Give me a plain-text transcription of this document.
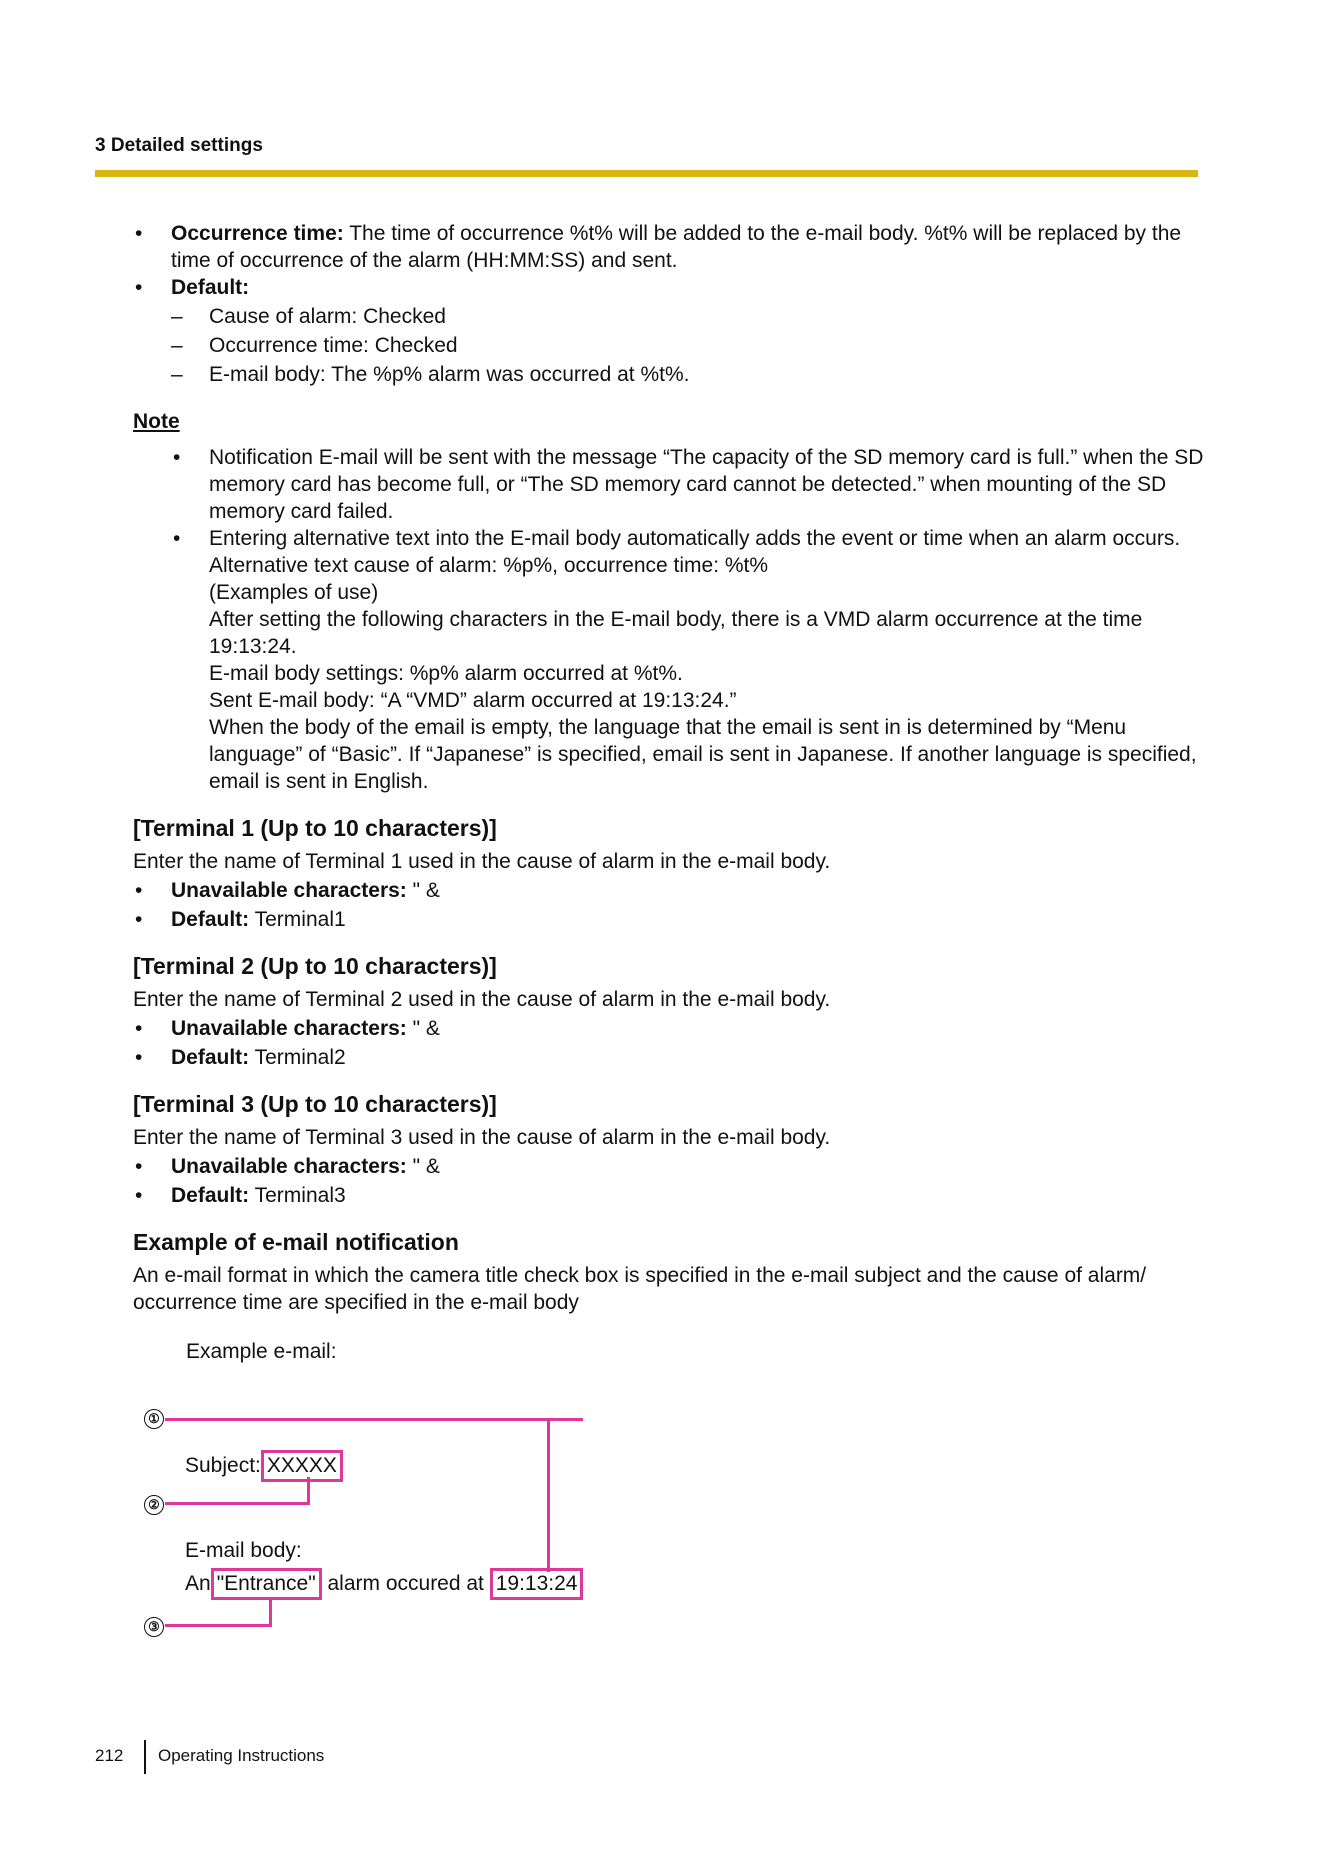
3 Detailed settings
• Occurrence time: The time of occurrence %t% will be added to the e-mail body. %t% will be replaced by the time of occurrence of the alarm (HH:MM:SS) and sent.
• Default:
– Cause of alarm: Checked
– Occurrence time: Checked
– E-mail body: The %p% alarm was occurred at %t%.
Note
• Notification E-mail will be sent with the message “The capacity of the SD memory card is full.” when the SD memory card has become full, or “The SD memory card cannot be detected.” when mounting of the SD memory card failed.
• Entering alternative text into the E-mail body automatically adds the event or time when an alarm occurs.
Alternative text cause of alarm: %p%, occurrence time: %t%
(Examples of use)
After setting the following characters in the E-mail body, there is a VMD alarm occurrence at the time 19:13:24.
E-mail body settings: %p% alarm occurred at %t%.
Sent E-mail body: “A “VMD” alarm occurred at 19:13:24.”
When the body of the email is empty, the language that the email is sent in is determined by “Menu language” of “Basic”. If “Japanese” is specified, email is sent in Japanese. If another language is specified, email is sent in English.
[Terminal 1 (Up to 10 characters)]
Enter the name of Terminal 1 used in the cause of alarm in the e-mail body.
• Unavailable characters: " &
• Default: Terminal1
[Terminal 2 (Up to 10 characters)]
Enter the name of Terminal 2 used in the cause of alarm in the e-mail body.
• Unavailable characters: " &
• Default: Terminal2
[Terminal 3 (Up to 10 characters)]
Enter the name of Terminal 3 used in the cause of alarm in the e-mail body.
• Unavailable characters: " &
• Default: Terminal3
Example of e-mail notification
An e-mail format in which the camera title check box is specified in the e-mail subject and the cause of alarm/ occurrence time are specified in the e-mail body
Example e-mail:
①
②
③
Subject: XXXXX
E-mail body:
An "Entrance" alarm occured at 19:13:24
212 Operating Instructions
